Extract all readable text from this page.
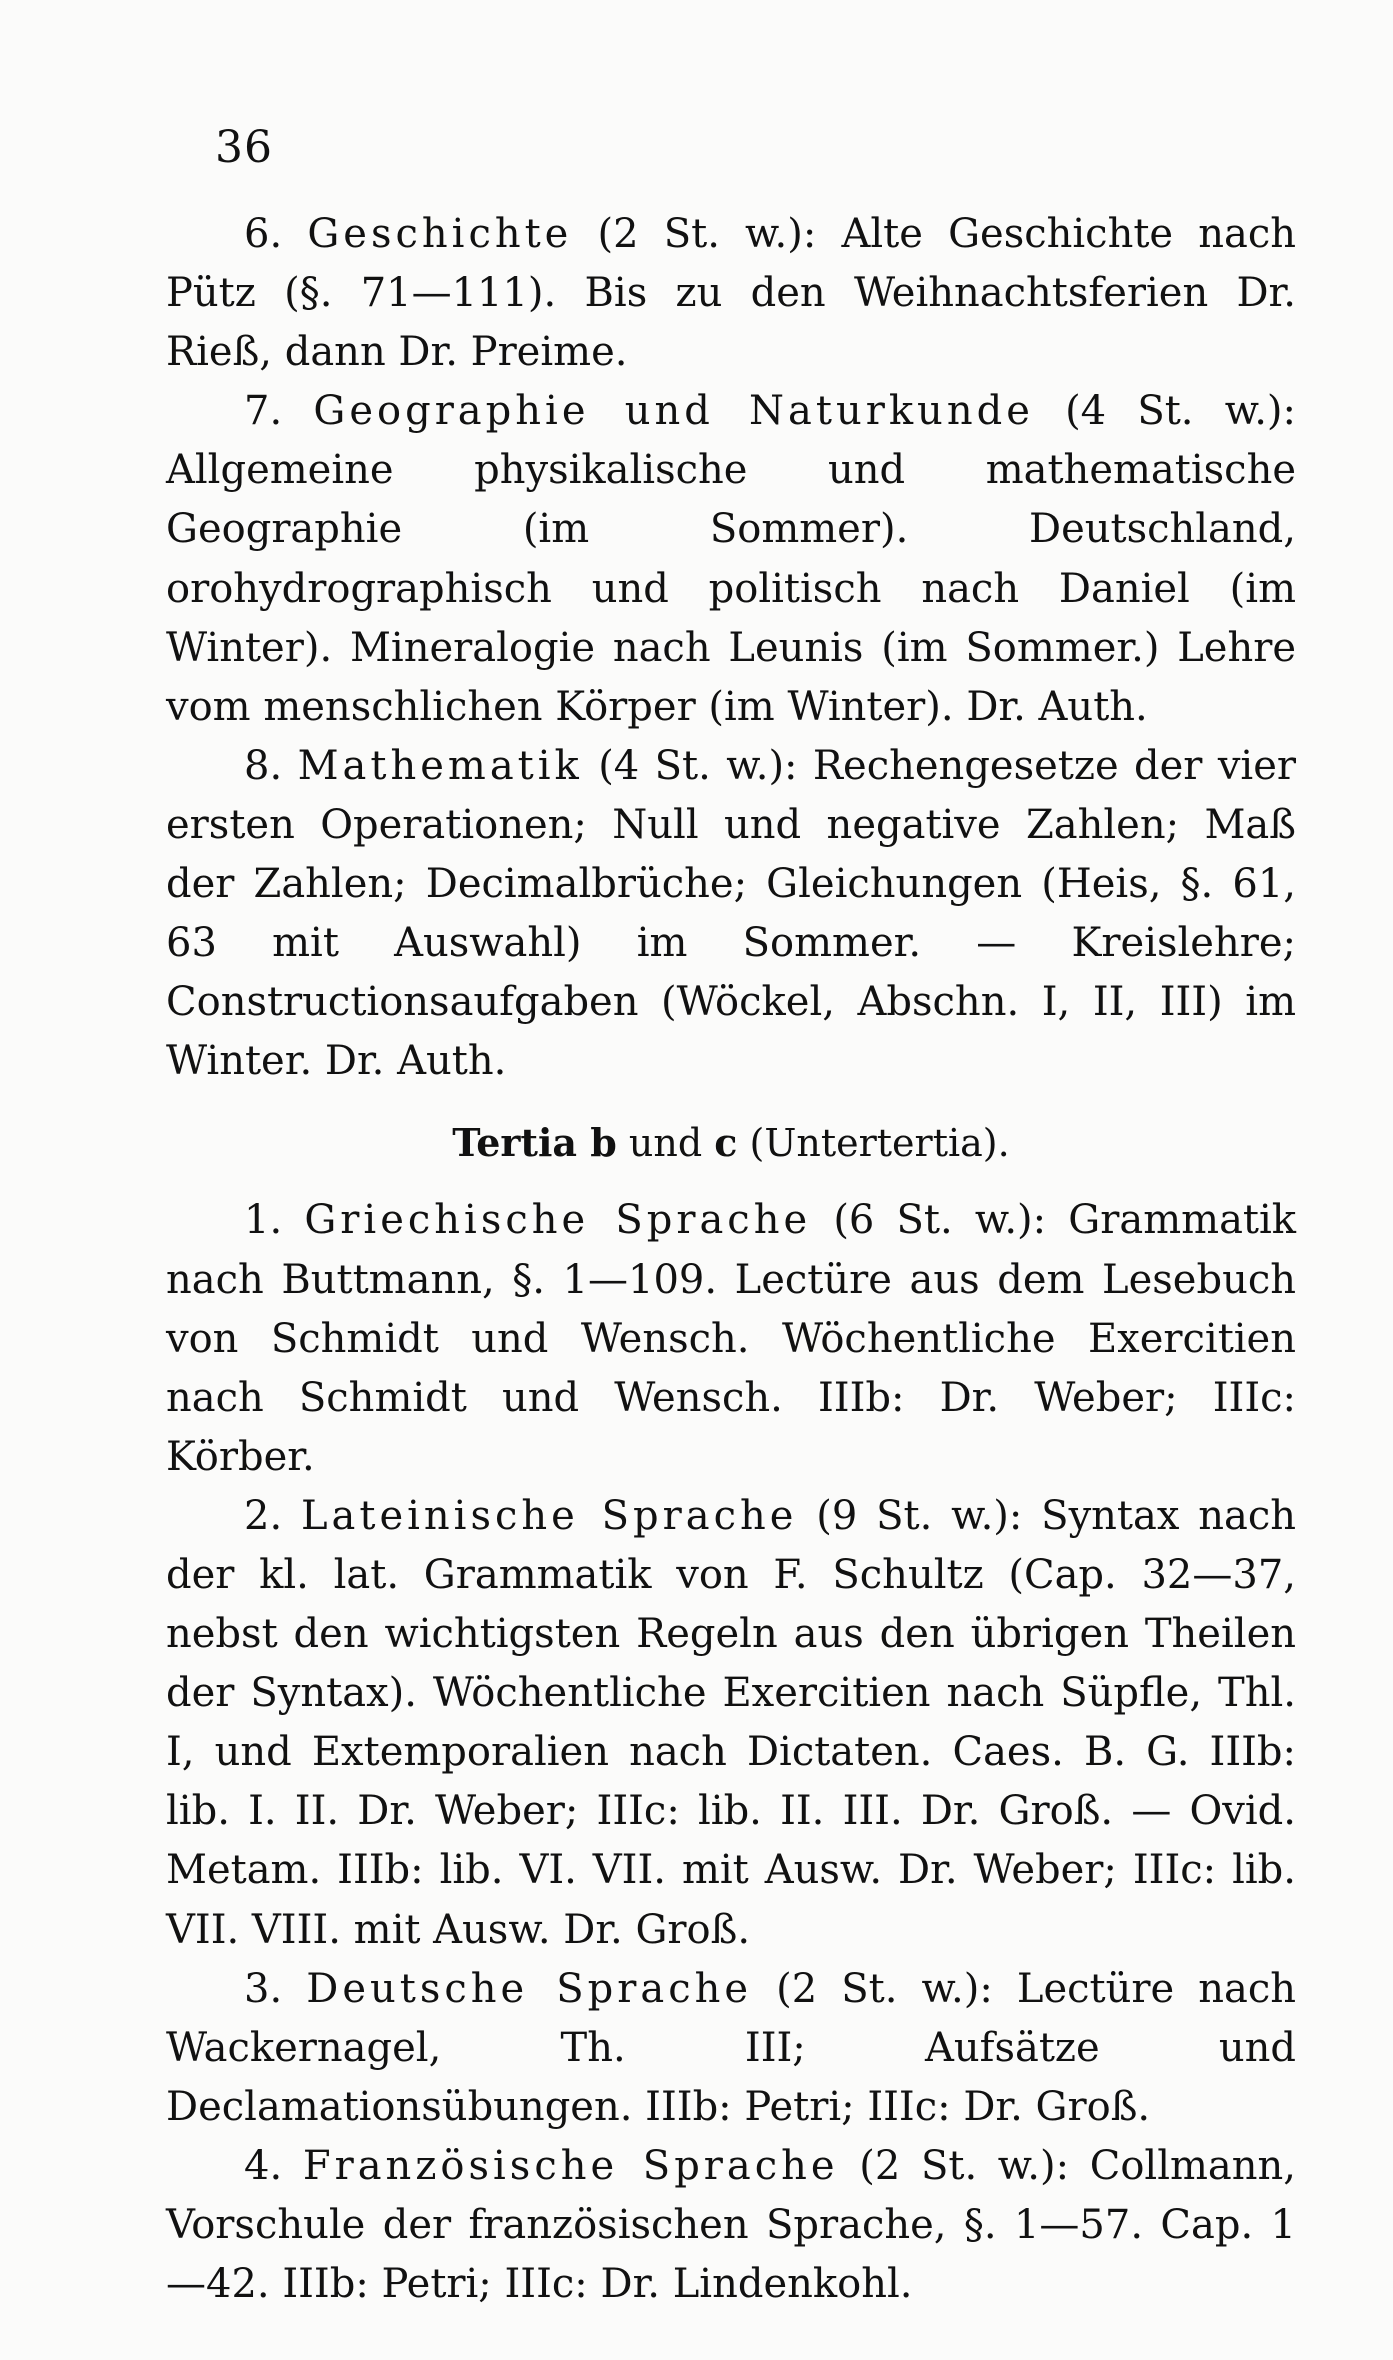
36

6. Geschichte (2 St. w.): Alte Geschichte nach Pütz (§. 71—111). Bis zu den Weihnachtsferien Dr. Rieß, dann Dr. Preime.

7. Geographie und Naturkunde (4 St. w.): Allgemeine physikalische und mathematische Geographie (im Sommer). Deutschland, orohydrographisch und politisch nach Daniel (im Winter). Mineralogie nach Leunis (im Sommer.) Lehre vom menschlichen Körper (im Winter). Dr. Auth.

8. Mathematik (4 St. w.): Rechengesetze der vier ersten Operationen; Null und negative Zahlen; Maß der Zahlen; Decimalbrüche; Gleichungen (Heis, §. 61, 63 mit Auswahl) im Sommer. — Kreislehre; Constructionsaufgaben (Wöckel, Abschn. I, II, III) im Winter. Dr. Auth.

Tertia b und c (Untertertia).

1. Griechische Sprache (6 St. w.): Grammatik nach Buttmann, §. 1—109. Lectüre aus dem Lesebuch von Schmidt und Wensch. Wöchentliche Exercitien nach Schmidt und Wensch. IIIb: Dr. Weber; IIIc: Körber.

2. Lateinische Sprache (9 St. w.): Syntax nach der kl. lat. Grammatik von F. Schultz (Cap. 32—37, nebst den wichtigsten Regeln aus den übrigen Theilen der Syntax). Wöchentliche Exercitien nach Süpfle, Thl. I, und Extemporalien nach Dictaten. Caes. B. G. IIIb: lib. I. II. Dr. Weber; IIIc: lib. II. III. Dr. Groß. — Ovid. Metam. IIIb: lib. VI. VII. mit Ausw. Dr. Weber; IIIc: lib. VII. VIII. mit Ausw. Dr. Groß.

3. Deutsche Sprache (2 St. w.): Lectüre nach Wackernagel, Th. III; Aufsätze und Declamationsübungen. IIIb: Petri; IIIc: Dr. Groß.

4. Französische Sprache (2 St. w.): Collmann, Vorschule der französischen Sprache, §. 1—57. Cap. 1—42. IIIb: Petri; IIIc: Dr. Lindenkohl.
